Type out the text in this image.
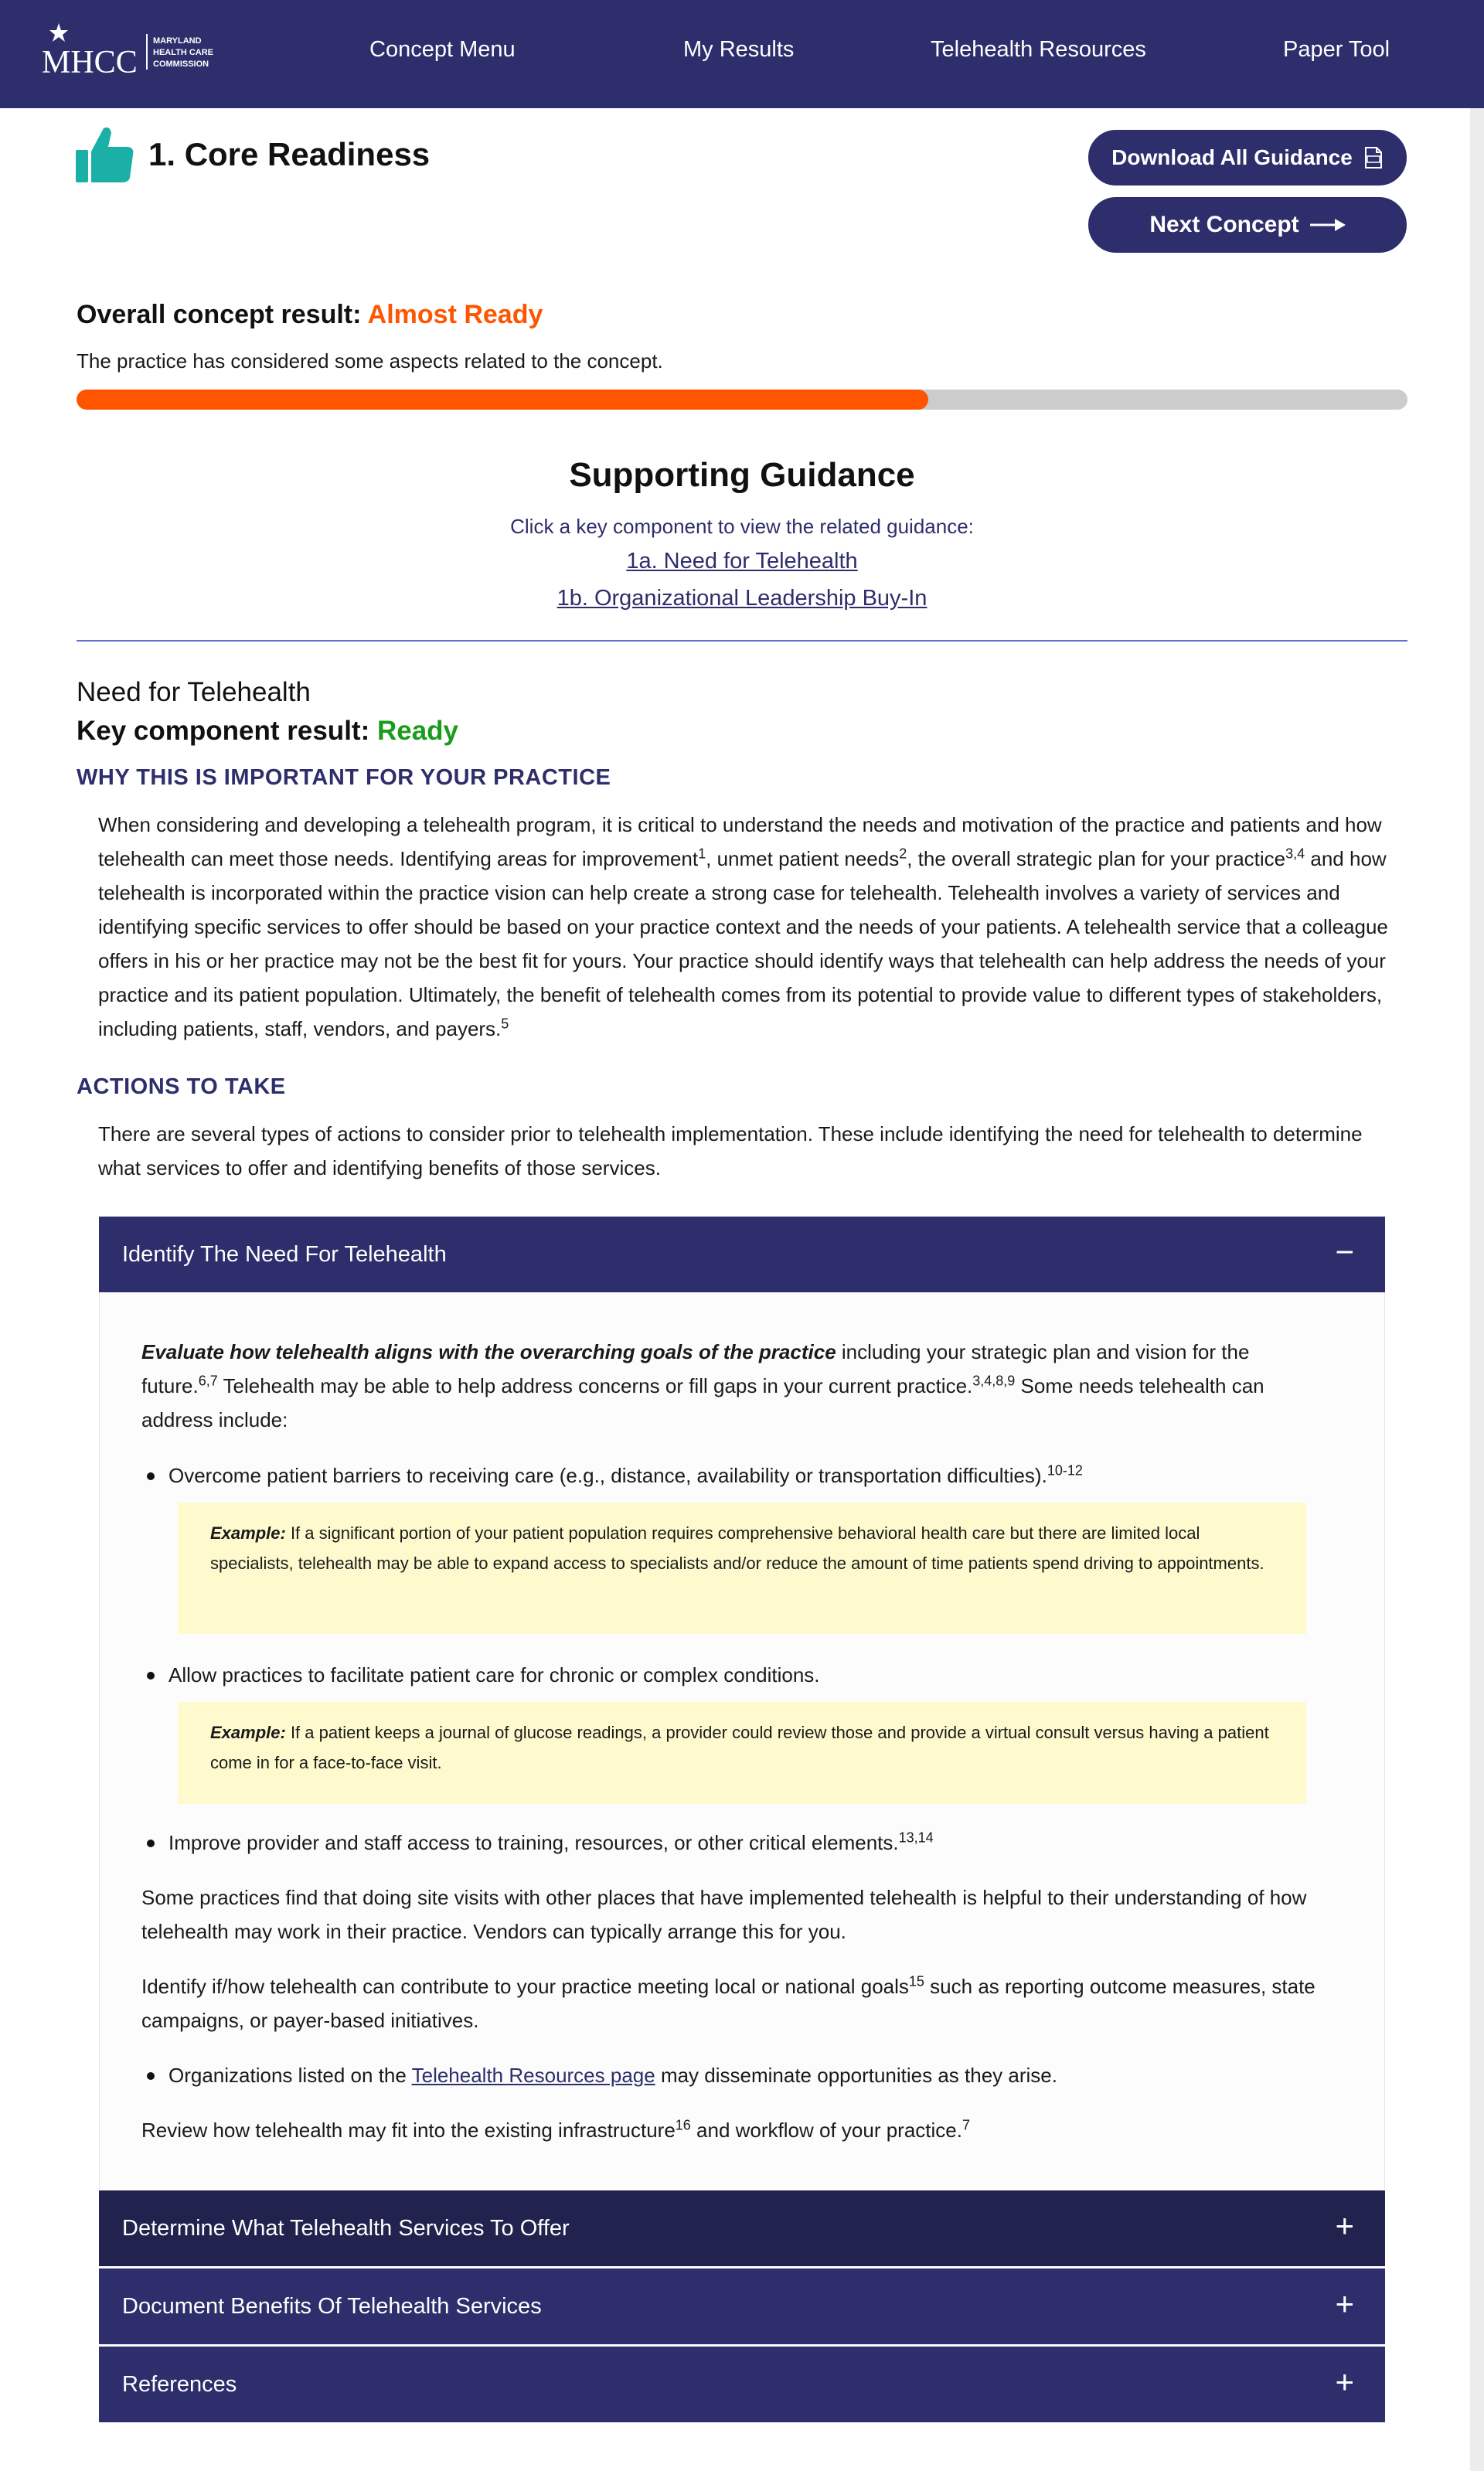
MHCC
MARYLAND
HEALTH CARE
COMMISSION
Concept Menu	My Results	Telehealth Resources	Paper Tool
1. Core Readiness	Download All Guidance
Next Concept
Overall concept result: Almost Ready
The practice has considered some aspects related to the concept.
Supporting Guidance
Click a key component to view the related guidance:
1a. Need for Telehealth
1b. Organizational Leadership Buy-In
Need for Telehealth
Key component result: Ready
WHY THIS IS IMPORTANT FOR YOUR PRACTICE
When considering and developing a telehealth program, it is critical to understand the needs and motivation of the practice and patients and how telehealth can meet those needs. Identifying areas for improvement$^1$, unmet patient needs$^2$, the overall strategic plan for your practice$^{3,4}$ and how telehealth is incorporated within the practice vision can help create a strong case for telehealth. Telehealth involves a variety of services and identifying specific services to offer should be based on your practice context and the needs of your patients. A telehealth service that a colleague offers in his or her practice may not be the best fit for yours. Your practice should identify ways that telehealth can help address the needs of your practice and its patient population. Ultimately, the benefit of telehealth comes from its potential to provide value to different types of stakeholders, including patients, staff, vendors, and payers.$^5$
ACTIONS TO TAKE
There are several types of actions to consider prior to telehealth implementation. These include identifying the need for telehealth to determine what services to offer and identifying benefits of those services.
Identify The Need For Telehealth	−
Evaluate how telehealth aligns with the overarching goals of the practice including your strategic plan and vision for the future.$^{6,7}$ Telehealth may be able to help address concerns or fill gaps in your current practice.$^{3,4,8,9}$ Some needs telehealth can address include:
Overcome patient barriers to receiving care (e.g., distance, availability or transportation difficulties).$^{10-12}$
Example: If a significant portion of your patient population requires comprehensive behavioral health care but there are limited local specialists, telehealth may be able to expand access to specialists and/or reduce the amount of time patients spend driving to appointments.
Allow practices to facilitate patient care for chronic or complex conditions.
Example: If a patient keeps a journal of glucose readings, a provider could review those and provide a virtual consult versus having a patient come in for a face-to-face visit.
Improve provider and staff access to training, resources, or other critical elements.$^{13,14}$
Some practices find that doing site visits with other places that have implemented telehealth is helpful to their understanding of how telehealth may work in their practice. Vendors can typically arrange this for you.
Identify if/how telehealth can contribute to your practice meeting local or national goals$^{15}$ such as reporting outcome measures, state campaigns, or payer-based initiatives.
Organizations listed on the Telehealth Resources page may disseminate opportunities as they arise.
Review how telehealth may fit into the existing infrastructure$^{16}$ and workflow of your practice.$^7$
Determine What Telehealth Services To Offer	+
Document Benefits Of Telehealth Services	+
References	+
